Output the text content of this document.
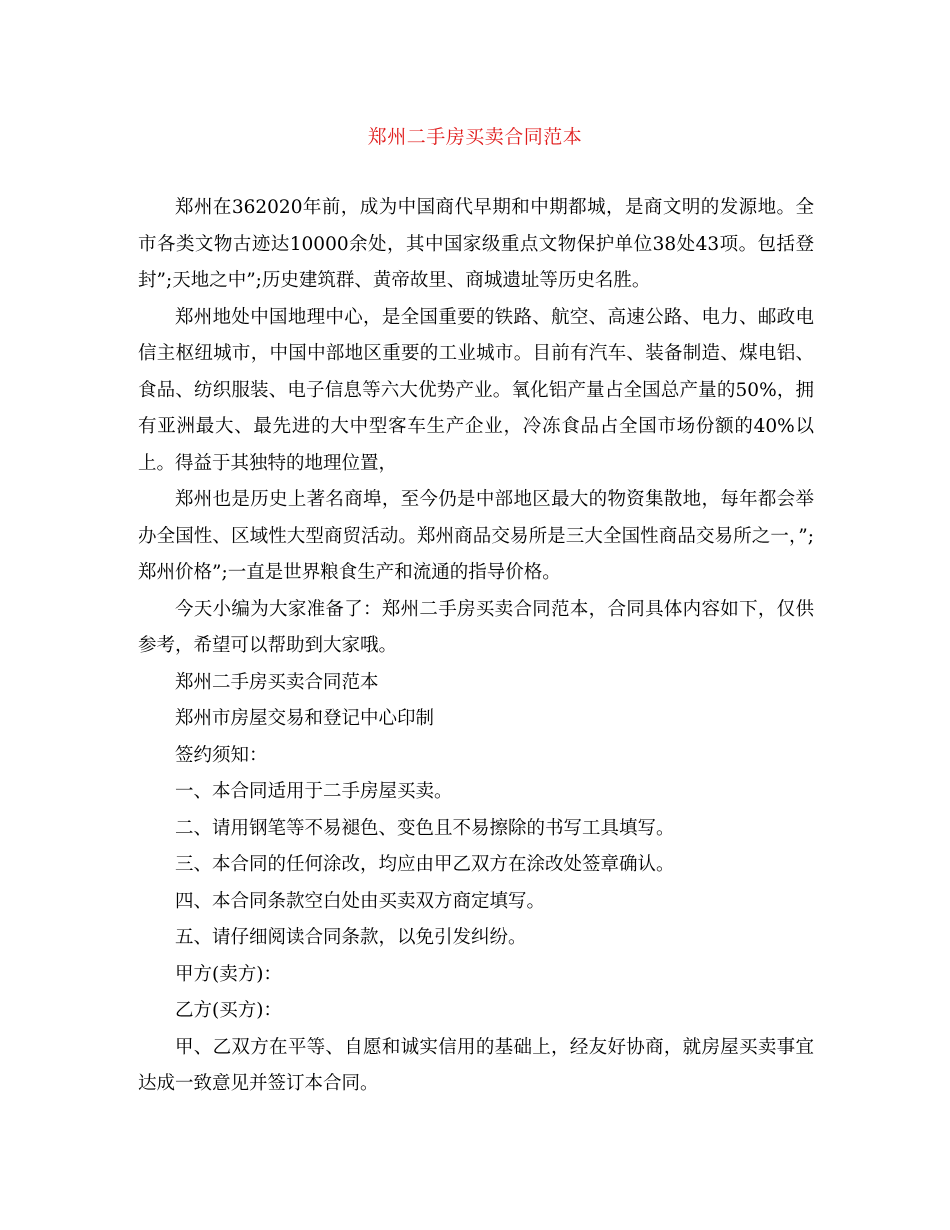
郑州二手房买卖合同范本

郑州在362020年前，成为中国商代早期和中期都城，是商文明的发源地。全市各类文物古迹达10000余处，其中国家级重点文物保护单位38处43项。包括登封”;天地之中”;历史建筑群、黄帝故里、商城遗址等历史名胜。

郑州地处中国地理中心，是全国重要的铁路、航空、高速公路、电力、邮政电信主枢纽城市，中国中部地区重要的工业城市。目前有汽车、装备制造、煤电铝、食品、纺织服装、电子信息等六大优势产业。氧化铝产量占全国总产量的50%，拥有亚洲最大、最先进的大中型客车生产企业，冷冻食品占全国市场份额的40%以上。得益于其独特的地理位置，

郑州也是历史上著名商埠，至今仍是中部地区最大的物资集散地，每年都会举办全国性、区域性大型商贸活动。郑州商品交易所是三大全国性商品交易所之一，”;郑州价格”;一直是世界粮食生产和流通的指导价格。

今天小编为大家准备了：郑州二手房买卖合同范本，合同具体内容如下，仅供参考，希望可以帮助到大家哦。

郑州二手房买卖合同范本

郑州市房屋交易和登记中心印制

签约须知：

一、本合同适用于二手房屋买卖。

二、请用钢笔等不易褪色、变色且不易擦除的书写工具填写。

三、本合同的任何涂改，均应由甲乙双方在涂改处签章确认。

四、本合同条款空白处由买卖双方商定填写。

五、请仔细阅读合同条款，以免引发纠纷。

甲方(卖方)：

乙方(买方)：

甲、乙双方在平等、自愿和诚实信用的基础上，经友好协商，就房屋买卖事宜达成一致意见并签订本合同。
